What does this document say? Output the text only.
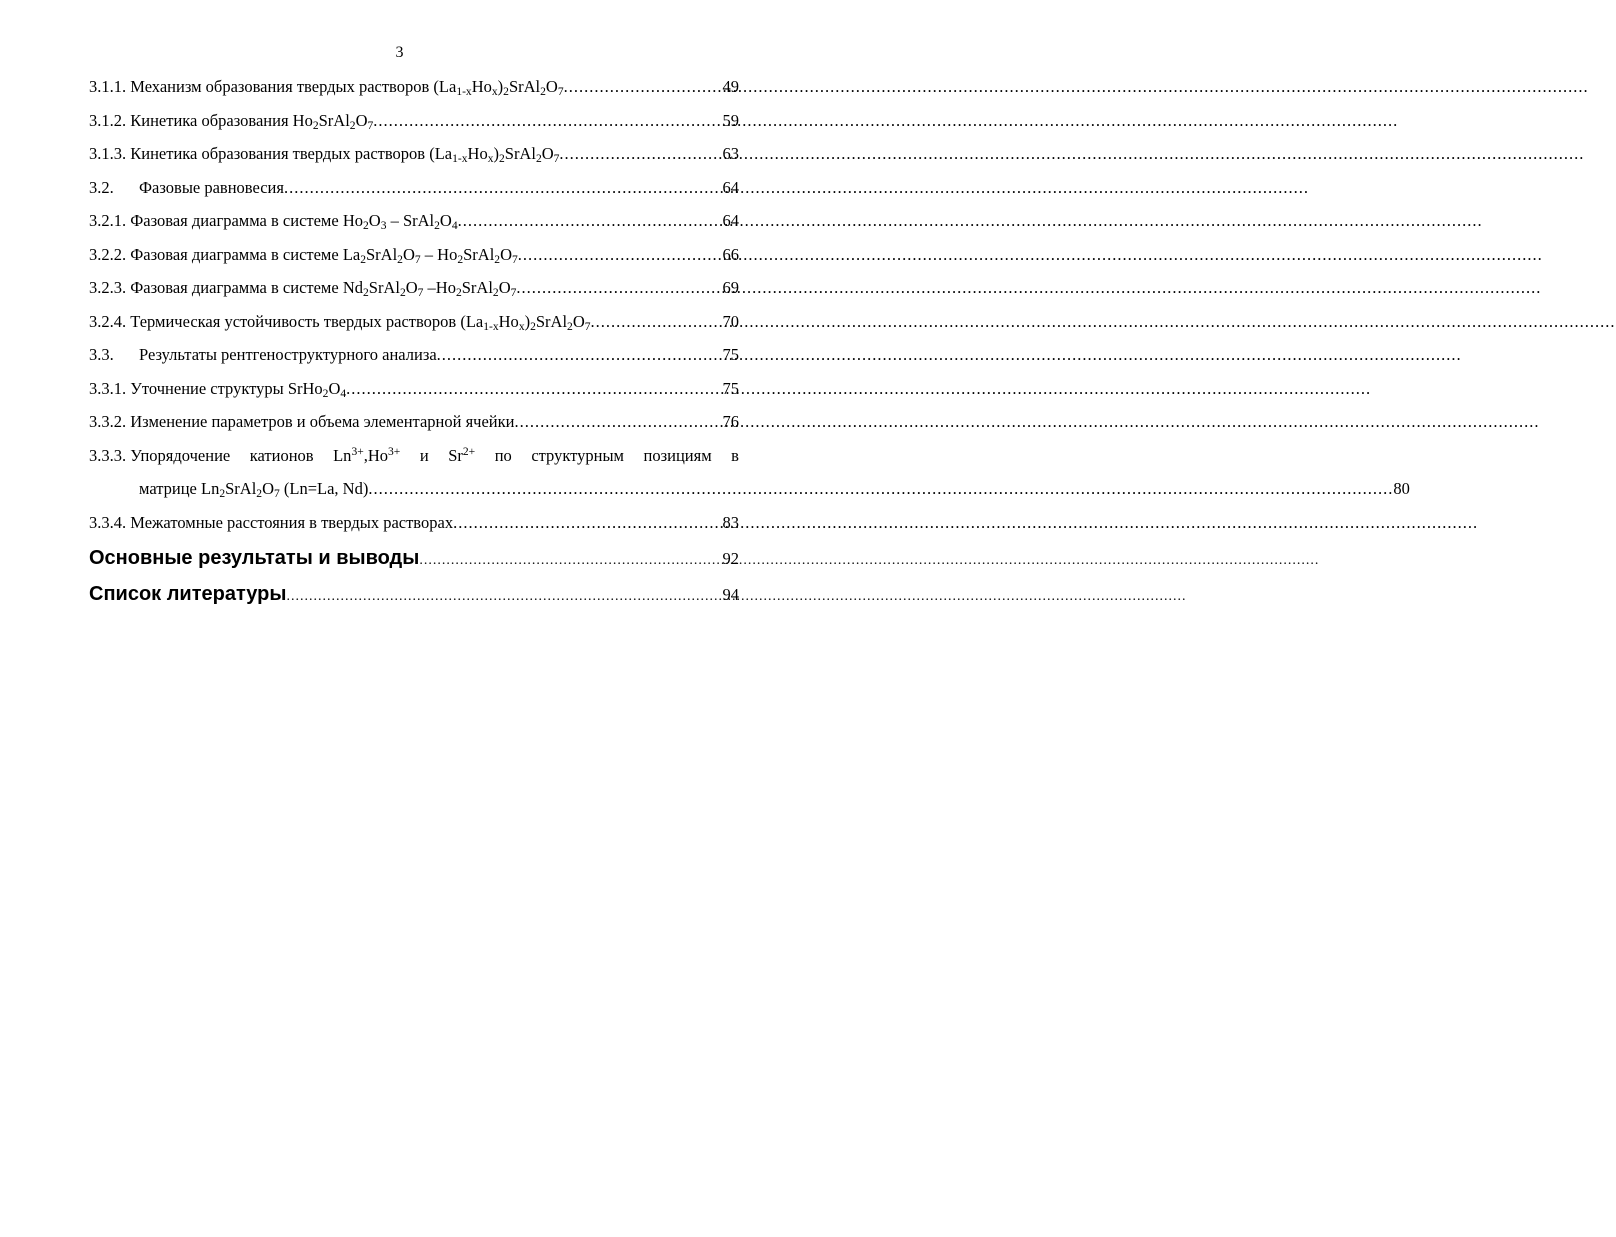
3
3.1.1. Механизм образования твердых растворов $(La_{1-x}Ho_x)_2SrAl_2O_7$ .....	49
3.1.2. Кинетика образования $Ho_2SrAl_2O_7$ .....	59
3.1.3. Кинетика образования твердых растворов $(La_{1-x}Ho_x)_2SrAl_2O_7$ .....	63
3.2.	Фазовые равновесия .....	64
3.2.1. Фазовая диаграмма в системе $Ho_2O_3$ – $SrAl_2O_4$ .....	64
3.2.2. Фазовая диаграмма в системе $La_2SrAl_2O_7$ – $Ho_2SrAl_2O_7$ .....	66
3.2.3. Фазовая диаграмма в системе $Nd_2SrAl_2O_7$ $-Ho_2SrAl_2O_7$ .....	69
3.2.4. Термическая устойчивость твердых растворов $(La_{1-x}Ho_x)_2SrAl_2O_7$ .....	70
3.3.	Результаты рентгеноструктурного анализа .....	75
3.3.1. Уточнение структуры $SrHo_2O_4$ .....	75
3.3.2. Изменение параметров и объема элементарной ячейки .....	76
3.3.3. Упорядочение катионов $Ln^{3+},Ho^{3+}$ и $Sr^{2+}$ по структурным позициям в
матрице $Ln_2SrAl_2O_7$ (Ln=La, Nd) .....	80
3.3.4. Межатомные расстояния в твердых растворах .....	83
Основные результаты и выводы .....	92
Список литературы .....	94
